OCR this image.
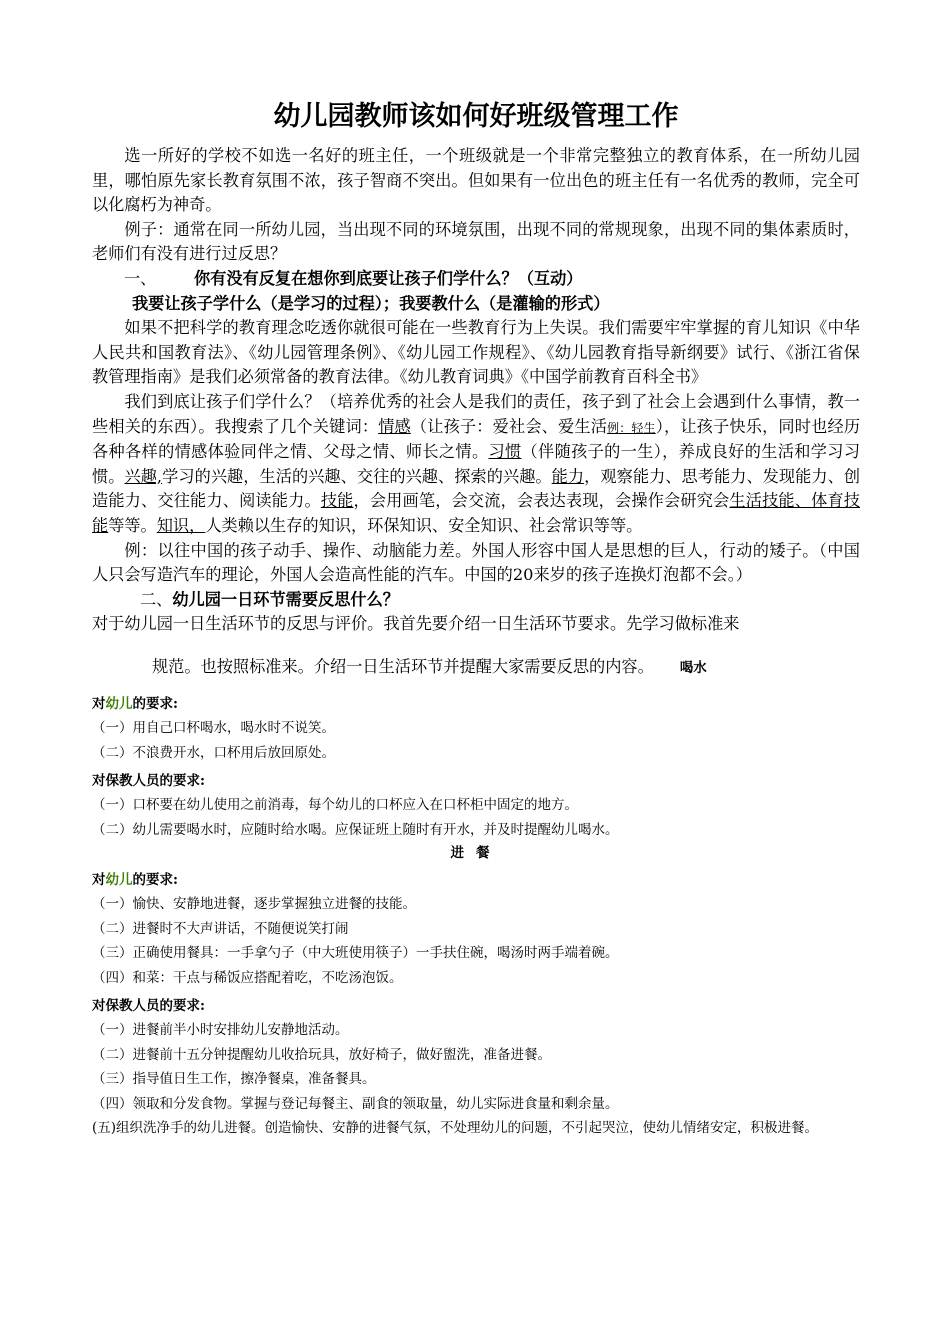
幼儿园教师该如何好班级管理工作

选一所好的学校不如选一名好的班主任，一个班级就是一个非常完整独立的教育体系，在一所幼儿园里，哪怕原先家长教育氛围不浓，孩子智商不突出。但如果有一位出色的班主任有一名优秀的教师，完全可以化腐朽为神奇。

例子：通常在同一所幼儿园，当出现不同的环境氛围，出现不同的常规现象，出现不同的集体素质时，老师们有没有进行过反思？

一、 你有没有反复在想你到底要让孩子们学什么？（互动）

我要让孩子学什么（是学习的过程）；我要教什么（是灌输的形式）

如果不把科学的教育理念吃透你就很可能在一些教育行为上失误。我们需要牢牢掌握的育儿知识《中华人民共和国教育法》、《幼儿园管理条例》、《幼儿园工作规程》、《幼儿园教育指导新纲要》试行、《浙江省保教管理指南》是我们必须常备的教育法律。《幼儿教育词典》《中国学前教育百科全书》

我们到底让孩子们学什么？（培养优秀的社会人是我们的责任，孩子到了社会上会遇到什么事情，教一些相关的东西）。我搜索了几个关键词：情感（让孩子：爱社会、爱生活例：轻生），让孩子快乐，同时也经历各种各样的情感体验同伴之情、父母之情、师长之情。习惯（伴随孩子的一生），养成良好的生活和学习习惯。兴趣,学习的兴趣，生活的兴趣、交往的兴趣、探索的兴趣。能力，观察能力、思考能力、发现能力、创造能力、交往能力、阅读能力。技能，会用画笔，会交流，会表达表现，会操作会研究会生活技能、体育技能等等。知识，人类赖以生存的知识，环保知识、安全知识、社会常识等等。

例：以往中国的孩子动手、操作、动脑能力差。外国人形容中国人是思想的巨人，行动的矮子。（中国人只会写造汽车的理论，外国人会造高性能的汽车。中国的20来岁的孩子连换灯泡都不会。）

二、幼儿园一日环节需要反思什么？

对于幼儿园一日生活环节的反思与评价。我首先要介绍一日生活环节要求。先学习做标准来

规范。也按照标准来。介绍一日生活环节并提醒大家需要反思的内容。 喝水

对幼儿的要求:

（一）用自己口杯喝水，喝水时不说笑。

（二）不浪费开水，口杯用后放回原处。

对保教人员的要求:

（一）口杯要在幼儿使用之前消毒，每个幼儿的口杯应入在口杯柜中固定的地方。

（二）幼儿需要喝水时，应随时给水喝。应保证班上随时有开水，并及时提醒幼儿喝水。

进餐

对幼儿的要求:

（一）愉快、安静地进餐，逐步掌握独立进餐的技能。

（二）进餐时不大声讲话，不随便说笑打闹

（三）正确使用餐具：一手拿勺子（中大班使用筷子）一手扶住碗，喝汤时两手端着碗。

（四）和菜：干点与稀饭应搭配着吃，不吃汤泡饭。

对保教人员的要求:

（一）进餐前半小时安排幼儿安静地活动。

（二）进餐前十五分钟提醒幼儿收拾玩具，放好椅子，做好盥洗，准备进餐。

（三）指导值日生工作，擦净餐桌，准备餐具。

（四）领取和分发食物。掌握与登记每餐主、副食的领取量，幼儿实际进食量和剩余量。

(五)组织洗净手的幼儿进餐。创造愉快、安静的进餐气氛，不处理幼儿的问题，不引起哭泣，使幼儿情绪安定，积极进餐。
